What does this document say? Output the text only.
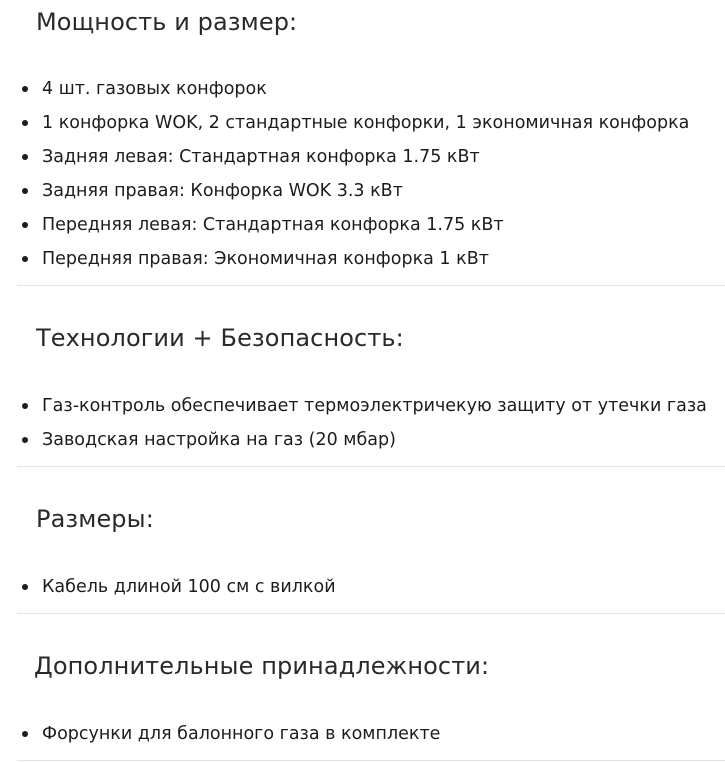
Мощность и размер:
4 шт. газовых конфорок
1 конфорка WOK, 2 стандартные конфорки, 1 экономичная конфорка
Задняя левая: Стандартная конфорка 1.75 кВт
Задняя правая: Конфорка WOK 3.3 кВт
Передняя левая: Стандартная конфорка 1.75 кВт
Передняя правая: Экономичная конфорка 1 кВт
Технологии + Безопасность:
Газ-контроль обеспечивает термоэлектричекую защиту от утечки газа
Заводская настройка на газ (20 мбар)
Размеры:
Кабель длиной 100 см с вилкой
Дополнительные принадлежности:
Форсунки для балонного газа в комплекте
